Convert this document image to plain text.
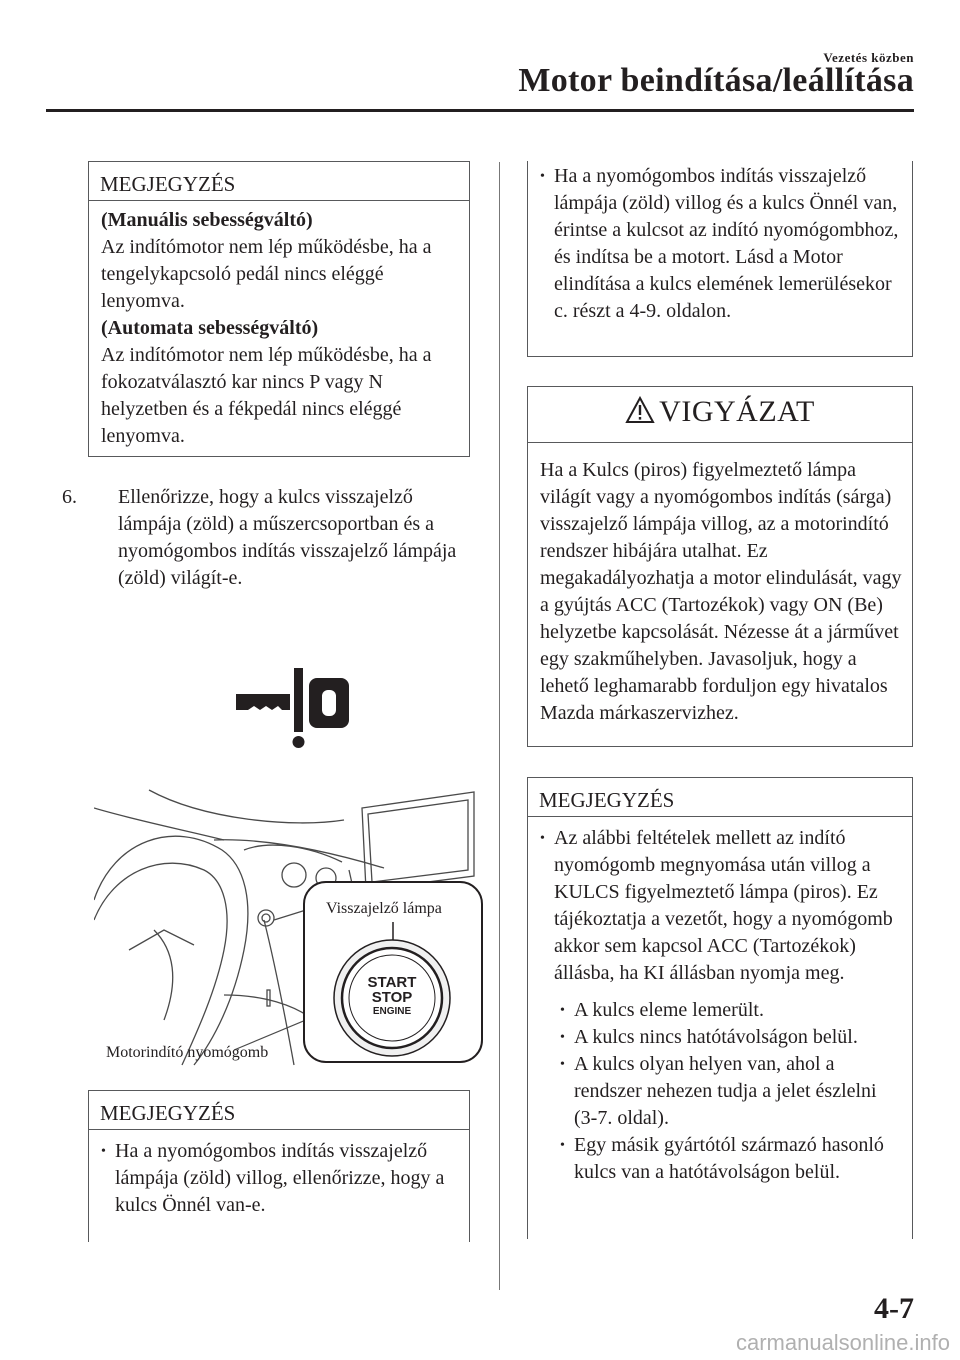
Vezetés közben
Motor beindítása/leállítása
MEGJEGYZÉS
(Manuális sebességváltó)
Az indítómotor nem lép működésbe, ha a tengelykapcsoló pedál nincs eléggé lenyomva.
(Automata sebességváltó)
Az indítómotor nem lép működésbe, ha a fokozatválasztó kar nincs P vagy N helyzetben és a fékpedál nincs eléggé lenyomva.
6.	Ellenőrizze, hogy a kulcs visszajelző lámpája (zöld) a műszercsoportban és a nyomógombos indítás visszajelző lámpája (zöld) világít-e.
Visszajelző lámpa
Motorindító nyomógomb
START
STOP
ENGINE
MEGJEGYZÉS
• Ha a nyomógombos indítás visszajelző lámpája (zöld) villog, ellenőrizze, hogy a kulcs Önnél van-e.
• Ha a nyomógombos indítás visszajelző lámpája (zöld) villog és a kulcs Önnél van, érintse a kulcsot az indító nyomógombhoz, és indítsa be a motort. Lásd a Motor elindítása a kulcs elemének lemerülésekor c. részt a 4-9. oldalon.
VIGYÁZAT
Ha a Kulcs (piros) figyelmeztető lámpa világít vagy a nyomógombos indítás (sárga) visszajelző lámpája villog, az a motorindító rendszer hibájára utalhat. Ez megakadályozhatja a motor elindulását, vagy a gyújtás ACC (Tartozékok) vagy ON (Be) helyzetbe kapcsolását. Nézesse át a járművet egy szakműhelyben. Javasoljuk, hogy a lehető leghamarabb forduljon egy hivatalos Mazda márkaszervizhez.
MEGJEGYZÉS
• Az alábbi feltételek mellett az indító nyomógomb megnyomása után villog a KULCS figyelmeztető lámpa (piros). Ez tájékoztatja a vezetőt, hogy a nyomógomb akkor sem kapcsol ACC (Tartozékok) állásba, ha KI állásban nyomja meg.
• A kulcs eleme lemerült.
• A kulcs nincs hatótávolságon belül.
• A kulcs olyan helyen van, ahol a rendszer nehezen tudja a jelet észlelni (3-7. oldal).
• Egy másik gyártótól származó hasonló kulcs van a hatótávolságon belül.
4-7
carmanualsonline.info
